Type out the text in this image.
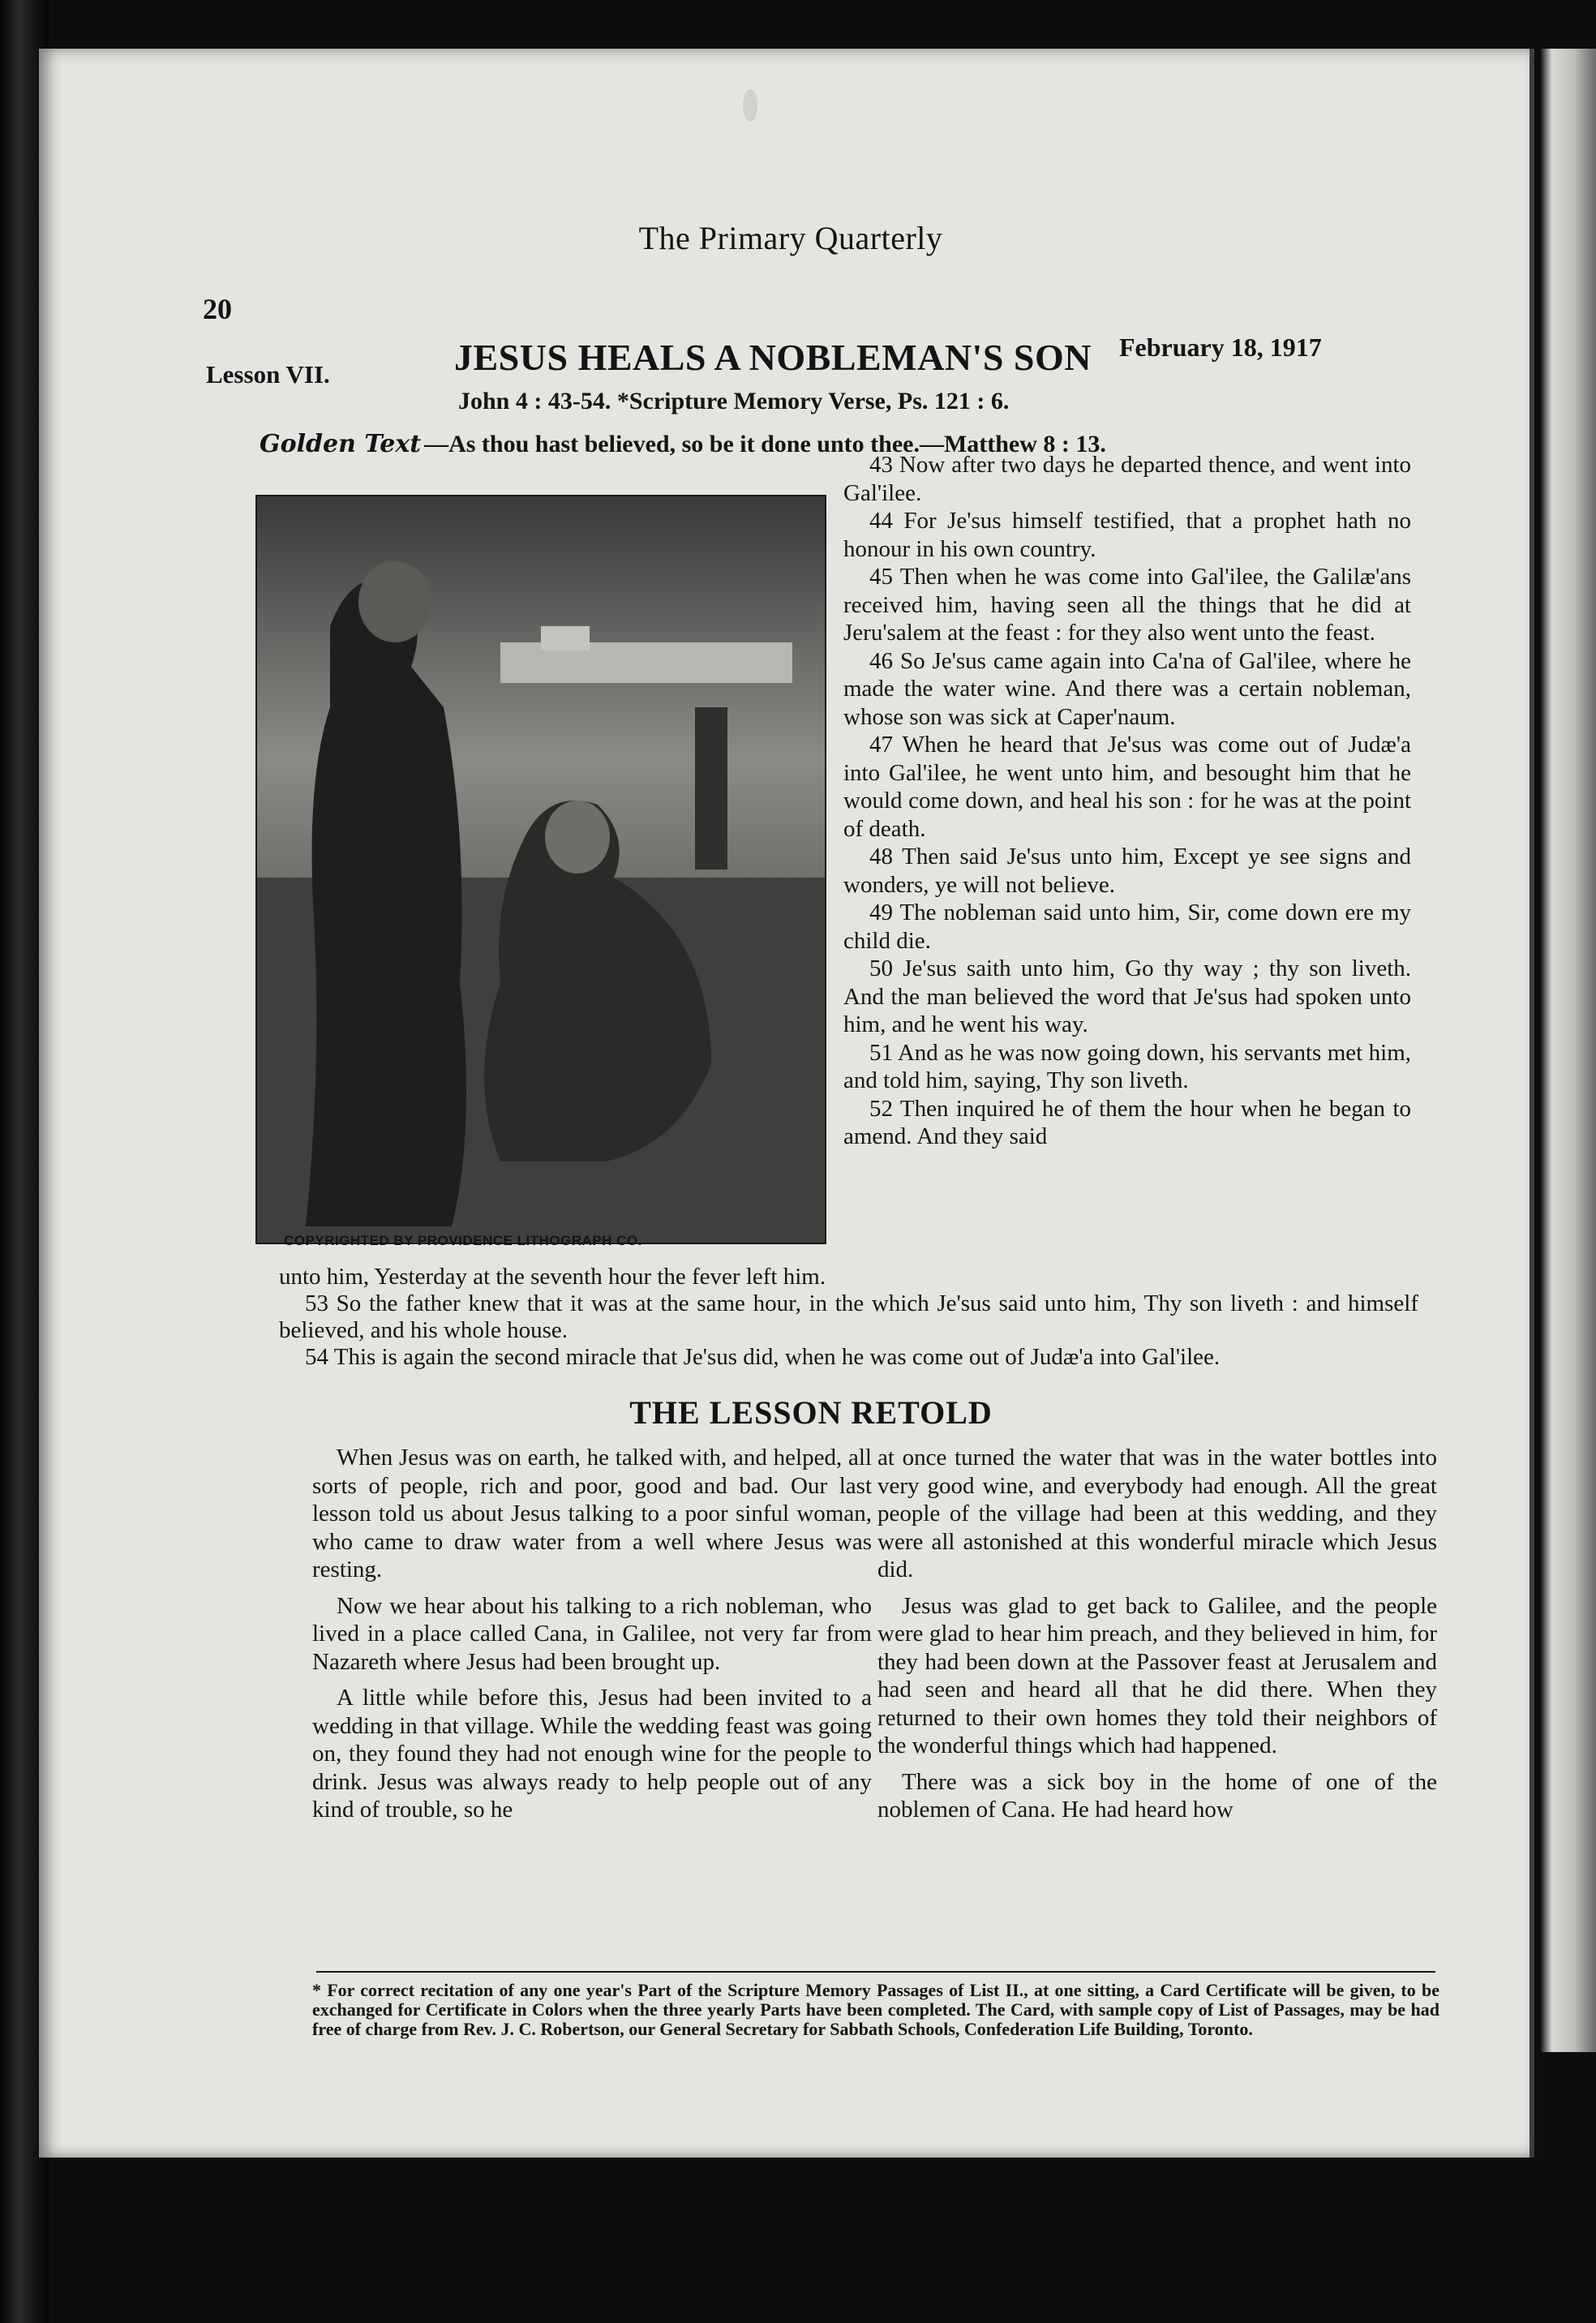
The Primary Quarterly
20
Lesson VII.	JESUS HEALS A NOBLEMAN'S SON February 18, 1917
John 4 : 43-54. *Scripture Memory Verse, Ps. 121 : 6.
Golden Text —As thou hast believed, so be it done unto thee.—Matthew 8 : 13.
COPYRIGHTED BY PROVIDENCE LITHOGRAPH CO.

43 Now after two days he departed thence, and went into Gal'ilee.

44 For Je'sus himself testified, that a prophet hath no honour in his own country.

45 Then when he was come into Gal'ilee, the Galilæ'ans received him, having seen all the things that he did at Jeru'salem at the feast : for they also went unto the feast.

46 So Je'sus came again into Ca'na of Gal'ilee, where he made the water wine. And there was a certain nobleman, whose son was sick at Caper'naum.

47 When he heard that Je'sus was come out of Judæ'a into Gal'ilee, he went unto him, and besought him that he would come down, and heal his son : for he was at the point of death.

48 Then said Je'sus unto him, Except ye see signs and wonders, ye will not believe.

49 The nobleman said unto him, Sir, come down ere my child die.

50 Je'sus saith unto him, Go thy way ; thy son liveth. And the man believed the word that Je'sus had spoken unto him, and he went his way.

51 And as he was now going down, his servants met him, and told him, saying, Thy son liveth.

52 Then inquired he of them the hour when he began to amend. And they said

unto him, Yesterday at the seventh hour the fever left him.

53 So the father knew that it was at the same hour, in the which Je'sus said unto him, Thy son liveth : and himself believed, and his whole house.

54 This is again the second miracle that Je'sus did, when he was come out of Judæ'a into Gal'ilee.

THE LESSON RETOLD

When Jesus was on earth, he talked with, and helped, all sorts of people, rich and poor, good and bad. Our last lesson told us about Jesus talking to a poor sinful woman, who came to draw water from a well where Jesus was resting.

Now we hear about his talking to a rich nobleman, who lived in a place called Cana, in Galilee, not very far from Nazareth where Jesus had been brought up.

A little while before this, Jesus had been invited to a wedding in that village. While the wedding feast was going on, they found they had not enough wine for the people to drink. Jesus was always ready to help people out of any kind of trouble, so he

at once turned the water that was in the water bottles into very good wine, and everybody had enough. All the great people of the village had been at this wedding, and they were all astonished at this wonderful miracle which Jesus did.

Jesus was glad to get back to Galilee, and the people were glad to hear him preach, and they believed in him, for they had been down at the Passover feast at Jerusalem and had seen and heard all that he did there. When they returned to their own homes they told their neighbors of the wonderful things which had happened.

There was a sick boy in the home of one of the noblemen of Cana. He had heard how

* For correct recitation of any one year's Part of the Scripture Memory Passages of List II., at one sitting, a Card Certificate will be given, to be exchanged for Certificate in Colors when the three yearly Parts have been completed. The Card, with sample copy of List of Passages, may be had free of charge from Rev. J. C. Robertson, our General Secretary for Sabbath Schools, Confederation Life Building, Toronto.
